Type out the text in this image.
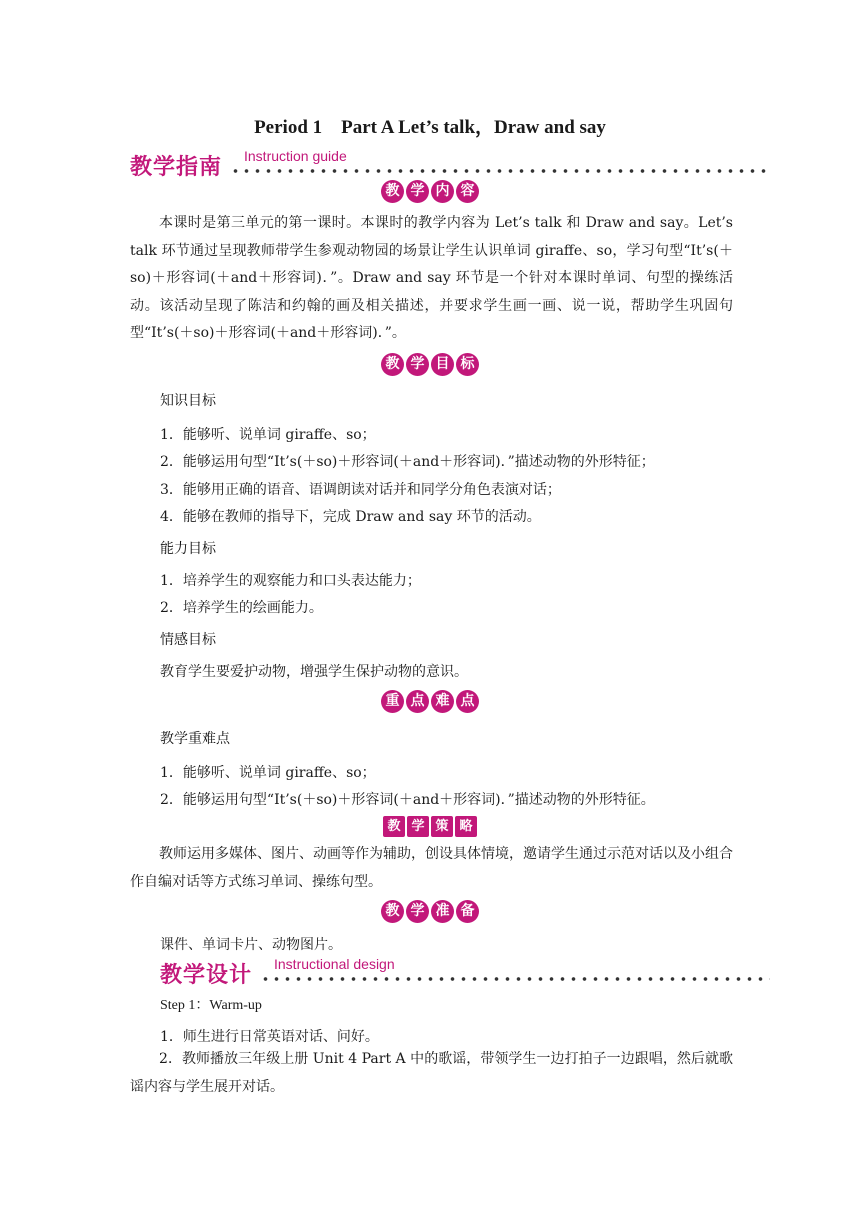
Period 1　Part A Let’s talk，Draw and say
教学指南 Instruction guide
教 学 内 容
本课时是第三单元的第一课时。本课时的教学内容为 Let’s talk 和 Draw and say。Let’s talk 环节通过呈现教师带学生参观动物园的场景让学生认识单词 giraffe、so，学习句型“It’s(＋so)＋形容词(＋and＋形容词)．”。Draw and say 环节是一个针对本课时单词、句型的操练活动。该活动呈现了陈洁和约翰的画及相关描述，并要求学生画一画、说一说，帮助学生巩固句型“It’s(＋so)＋形容词(＋and＋形容词)．”。
教 学 目 标
知识目标
1．能够听、说单词 giraffe、so；
2．能够运用句型“It’s(＋so)＋形容词(＋and＋形容词)．”描述动物的外形特征；
3．能够用正确的语音、语调朗读对话并和同学分角色表演对话；
4．能够在教师的指导下，完成 Draw and say 环节的活动。
能力目标
1．培养学生的观察能力和口头表达能力；
2．培养学生的绘画能力。
情感目标
教育学生要爱护动物，增强学生保护动物的意识。
重 点 难 点
教学重难点
1．能够听、说单词 giraffe、so；
2．能够运用句型“It’s(＋so)＋形容词(＋and＋形容词)．”描述动物的外形特征。
教 学 策 略
教师运用多媒体、图片、动画等作为辅助，创设具体情境，邀请学生通过示范对话以及小组合作自编对话等方式练习单词、操练句型。
教 学 准 备
课件、单词卡片、动物图片。
教学设计 Instructional design
Step 1：Warm-up
1．师生进行日常英语对话、问好。
2．教师播放三年级上册 Unit 4 Part A 中的歌谣，带领学生一边打拍子一边跟唱，然后就歌谣内容与学生展开对话。
